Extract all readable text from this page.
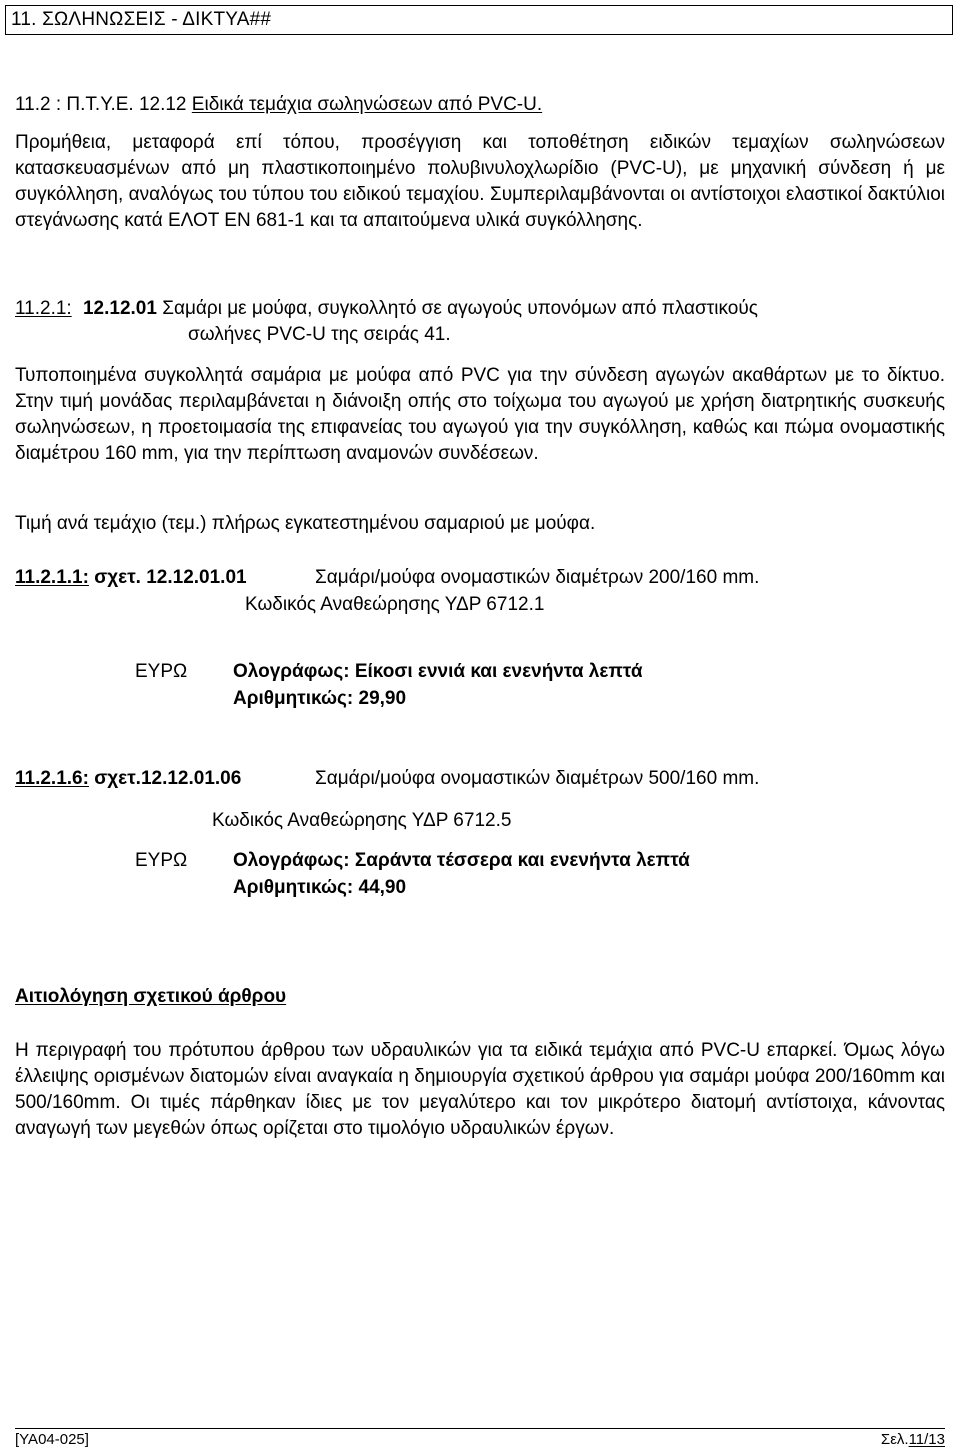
11. ΣΩΛΗΝΩΣΕΙΣ - ΔΙΚΤΥΑ##
11.2 : Π.Τ.Υ.Ε. 12.12 Ειδικά τεμάχια σωληνώσεων από PVC-U.
Προμήθεια, μεταφορά επί τόπου, προσέγγιση και τοποθέτηση ειδικών τεμαχίων σωληνώσεων κατασκευασμένων από μη πλαστικοποιημένο πολυβινυλοχλωρίδιο (PVC-U), με μηχανική σύνδεση ή με συγκόλληση, αναλόγως του τύπου του ειδικού τεμαχίου. Συμπεριλαμβάνονται οι αντίστοιχοι ελαστικοί δακτύλιοι στεγάνωσης κατά ΕΛΟΤ ΕΝ 681-1 και τα απαιτούμενα υλικά συγκόλλησης.
11.2.1: 12.12.01 Σαμάρι με μούφα, συγκολλητό σε αγωγούς υπονόμων από πλαστικούς
σωλήνες PVC-U της σειράς 41.
Τυποποιημένα συγκολλητά σαμάρια με μούφα από PVC για την σύνδεση αγωγών ακαθάρτων με το δίκτυο. Στην τιμή μονάδας περιλαμβάνεται η διάνοιξη οπής στο τοίχωμα του αγωγού με χρήση διατρητικής συσκευής σωληνώσεων, η προετοιμασία της επιφανείας του αγωγού για την συγκόλληση, καθώς και πώμα ονομαστικής διαμέτρου 160 mm, για την περίπτωση αναμονών συνδέσεων.
Τιμή ανά τεμάχιο (τεμ.) πλήρως εγκατεστημένου σαμαριού με μούφα.
11.2.1.1: σχετ. 12.12.01.01	Σαμάρι/μούφα ονομαστικών διαμέτρων 200/160 mm.
Κωδικός Αναθεώρησης ΥΔΡ 6712.1
ΕΥΡΩ Ολογράφως: Είκοσι εννιά και ενενήντα λεπτά
Αριθμητικώς: 29,90
11.2.1.6: σχετ.12.12.01.06	Σαμάρι/μούφα ονομαστικών διαμέτρων 500/160 mm.
Κωδικός Αναθεώρησης ΥΔΡ 6712.5
ΕΥΡΩ Ολογράφως: Σαράντα τέσσερα και ενενήντα λεπτά
Αριθμητικώς: 44,90
Αιτιολόγηση σχετικού άρθρου
Η περιγραφή του πρότυπου άρθρου των υδραυλικών για τα ειδικά τεμάχια από PVC-U επαρκεί. Όμως λόγω έλλειψης ορισμένων διατομών είναι αναγκαία η δημιουργία σχετικού άρθρου για σαμάρι μούφα 200/160mm και 500/160mm. Οι τιμές πάρθηκαν ίδιες με τον μεγαλύτερο και τον μικρότερο διατομή αντίστοιχα, κάνοντας αναγωγή των μεγεθών όπως ορίζεται στο τιμολόγιο υδραυλικών έργων.
[ΥΑ04-025]	Σελ.11/13
